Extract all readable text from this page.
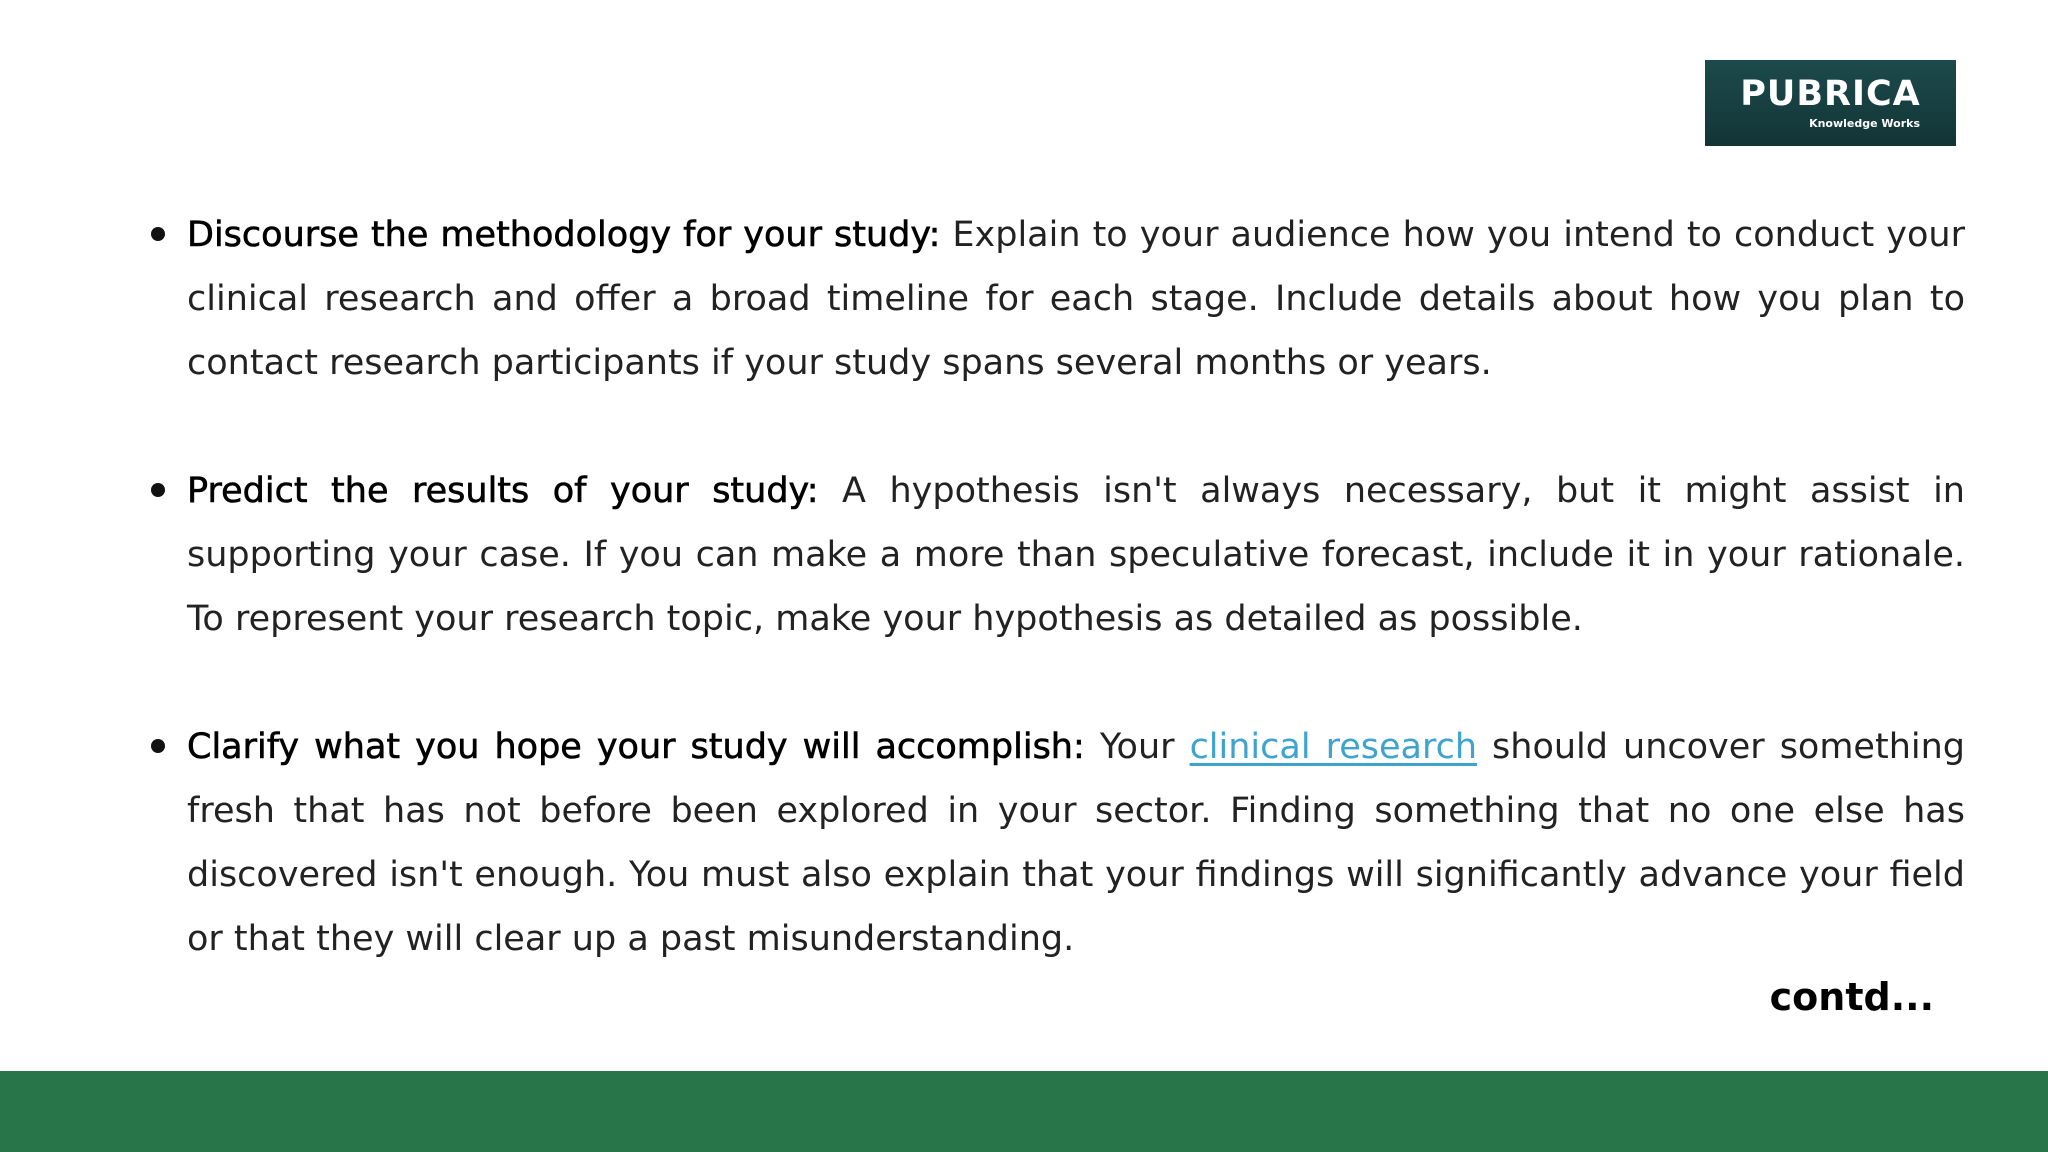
PUBRICA
Knowledge Works
Discourse the methodology for your study: Explain to your audience how you intend to conduct your clinical research and offer a broad timeline for each stage. Include details about how you plan to contact research participants if your study spans several months or years.
Predict the results of your study: A hypothesis isn't always necessary, but it might assist in supporting your case. If you can make a more than speculative forecast, include it in your rationale. To represent your research topic, make your hypothesis as detailed as possible.
Clarify what you hope your study will accomplish: Your clinical research should uncover something fresh that has not before been explored in your sector. Finding something that no one else has discovered isn't enough. You must also explain that your findings will significantly advance your field or that they will clear up a past misunderstanding.
contd...
